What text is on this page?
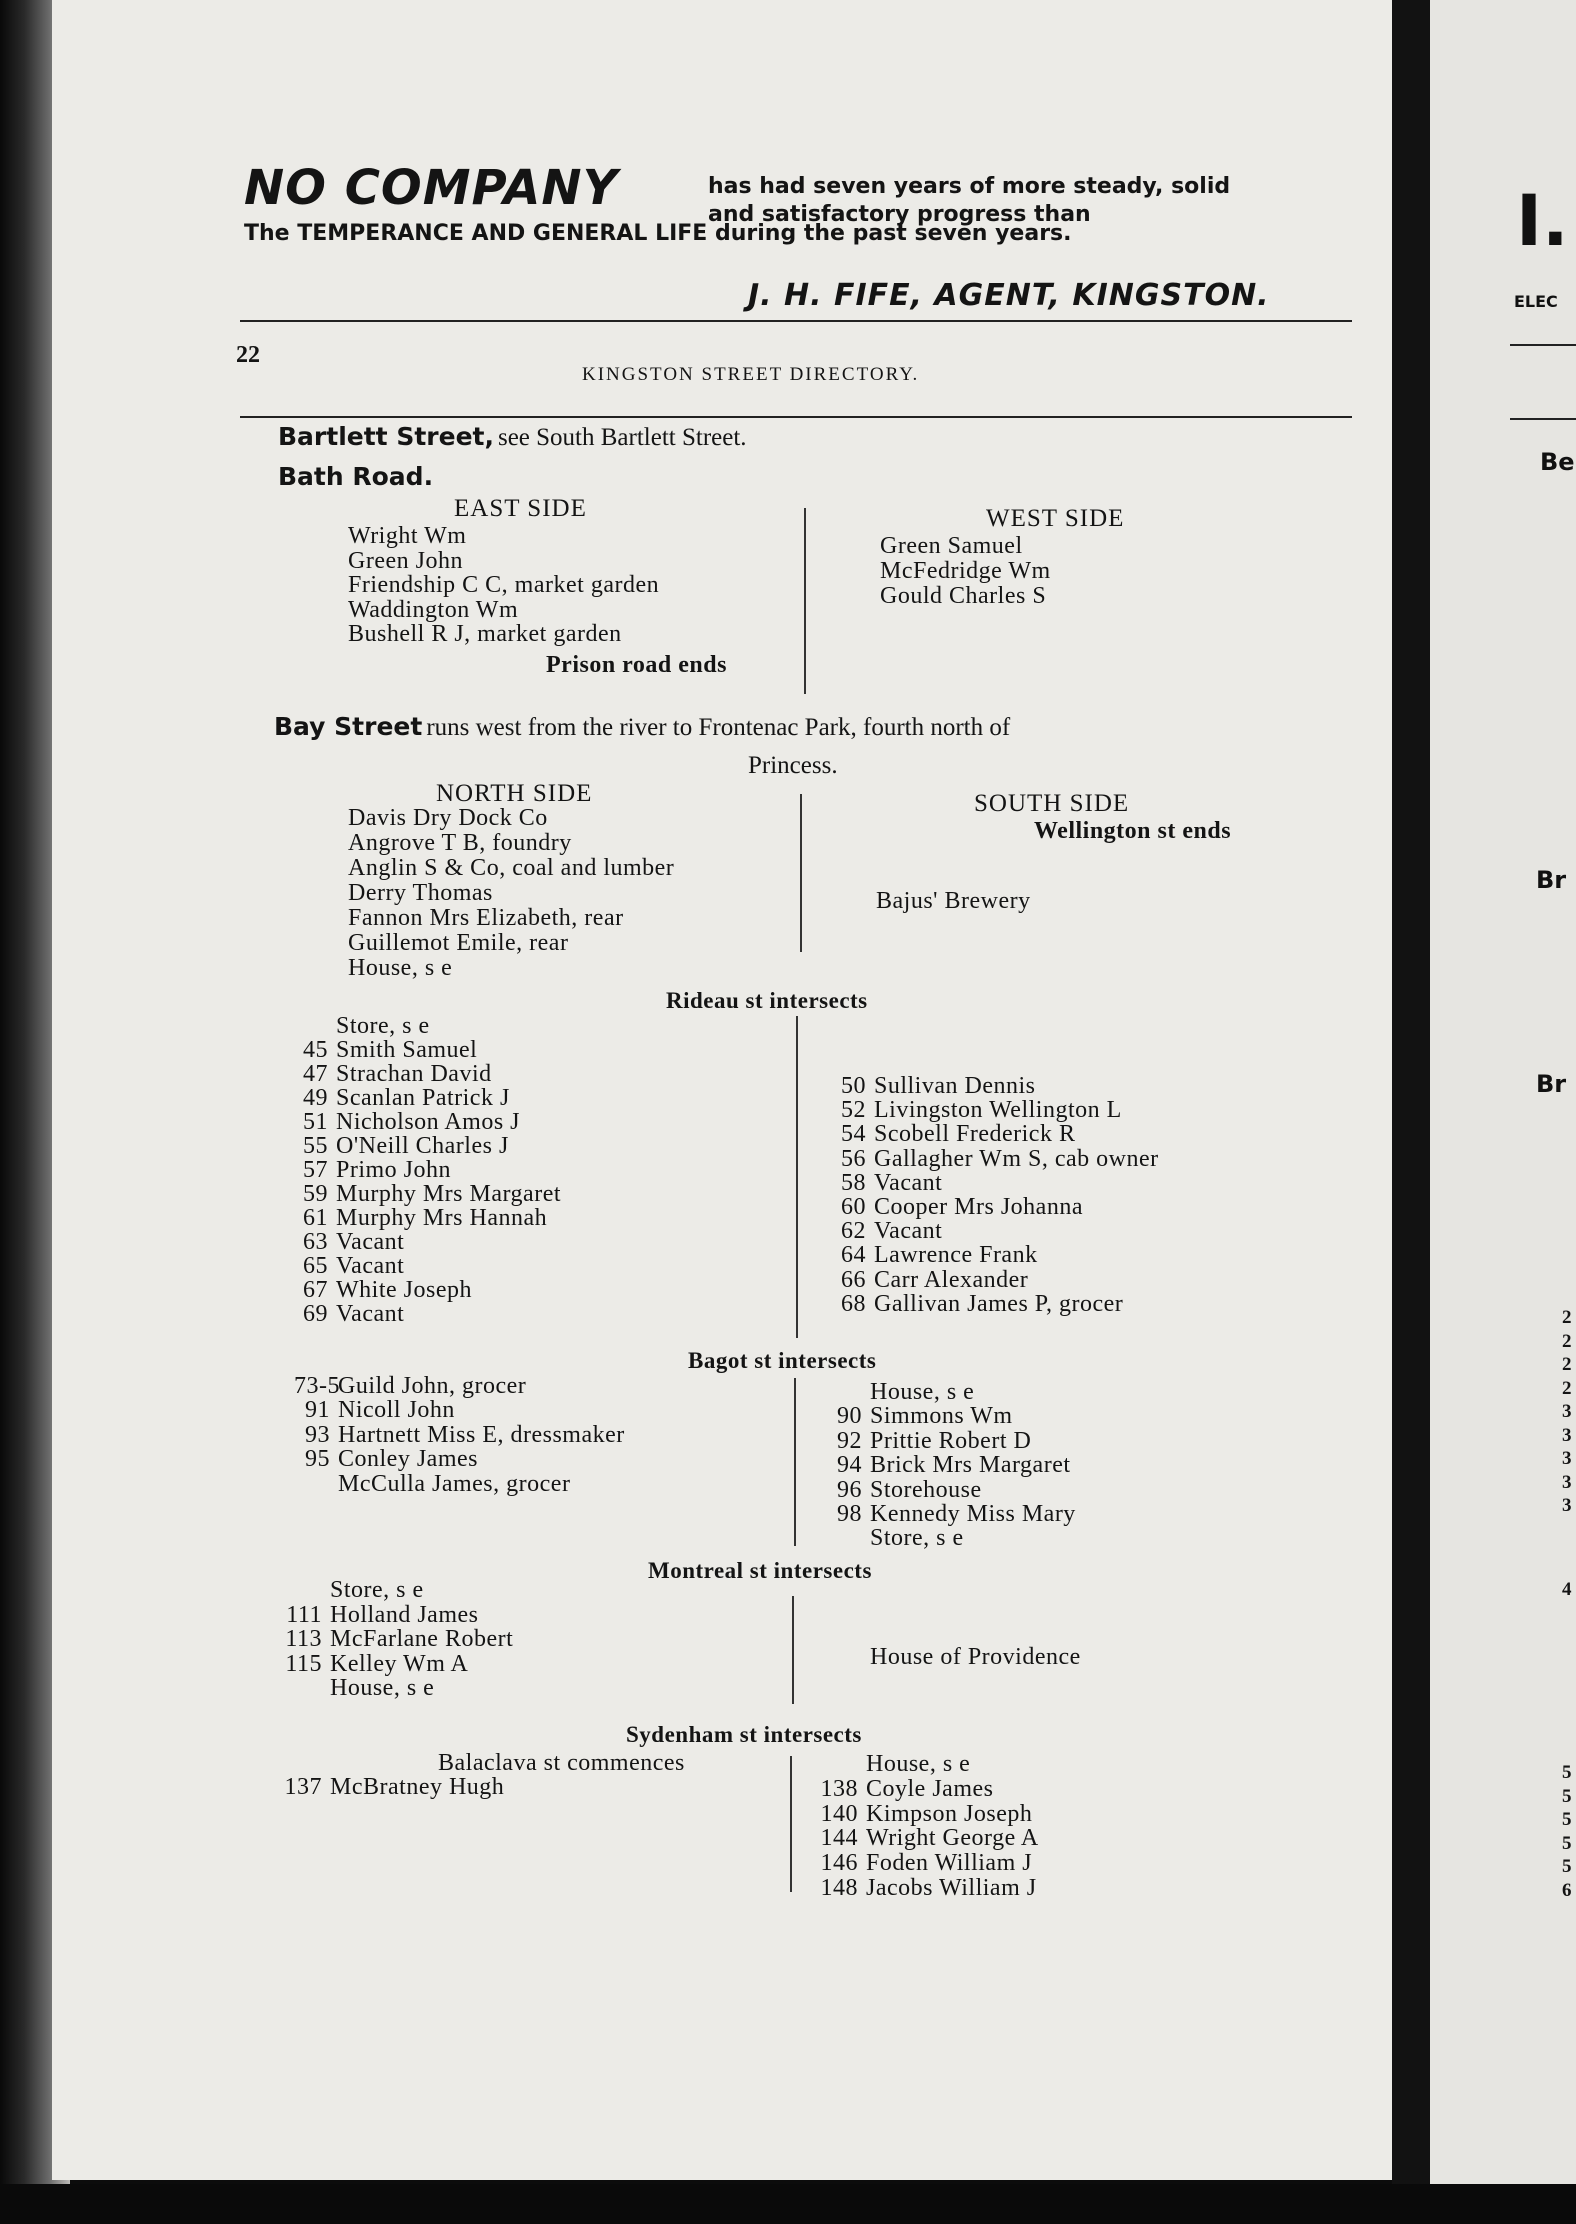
NO COMPANY	has had seven years of more steady, solid
and satisfactory progress than
The TEMPERANCE AND GENERAL LIFE during the past seven years.
J. H. FIFE, AGENT, KINGSTON.
22
KINGSTON STREET DIRECTORY.
Bartlett Street, see South Bartlett Street.
Bath Road.
EAST SIDE	WEST SIDE
Wright Wm
Green John
Friendship C C, market garden
Waddington Wm
Bushell R J, market garden
Prison road ends
Green Samuel
McFedridge Wm
Gould Charles S
Bay Street runs west from the river to Frontenac Park, fourth north of
Princess.
NORTH SIDE	SOUTH SIDE
Davis Dry Dock Co
Angrove T B, foundry
Anglin S & Co, coal and lumber
Derry Thomas
Fannon Mrs Elizabeth, rear
Guillemot Emile, rear
House, s e
Wellington st ends
Bajus' Brewery
Rideau st intersects
Store, s e
45 Smith Samuel
47 Strachan David
49 Scanlan Patrick J
51 Nicholson Amos J
55 O'Neill Charles J
57 Primo John
59 Murphy Mrs Margaret
61 Murphy Mrs Hannah
63 Vacant
65 Vacant
67 White Joseph
69 Vacant
50 Sullivan Dennis
52 Livingston Wellington L
54 Scobell Frederick R
56 Gallagher Wm S, cab owner
58 Vacant
60 Cooper Mrs Johanna
62 Vacant
64 Lawrence Frank
66 Carr Alexander
68 Gallivan James P, grocer
Bagot st intersects
73-5Guild John, grocer
91 Nicoll John
93 Hartnett Miss E, dressmaker
95 Conley James
McCulla James, grocer
House, s e
90 Simmons Wm
92 Prittie Robert D
94 Brick Mrs Margaret
96 Storehouse
98 Kennedy Miss Mary
Store, s e
Montreal st intersects
Store, s e
111 Holland James
113 McFarlane Robert
115 Kelley Wm A
House, s e
House of Providence
Sydenham st intersects
Balaclava st commences
137 McBratney Hugh
House, s e
138 Coyle James
140 Kimpson Joseph
144 Wright George A
146 Foden William J
148 Jacobs William J
I.
ELEC
Be
Br
Br
2
2
2
2
3
3
3
3
3
4
5
5
5
5
5
6
